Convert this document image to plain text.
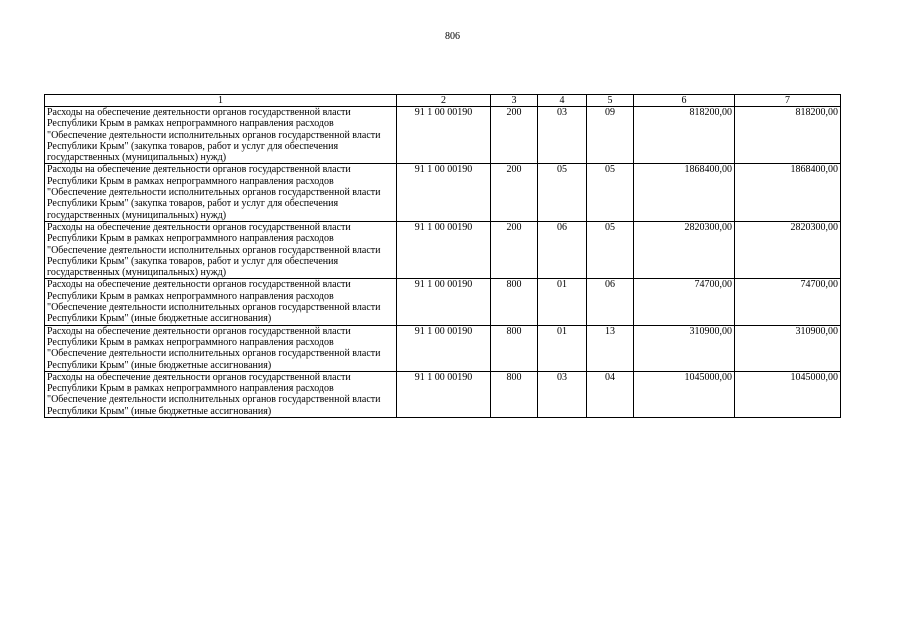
806
1	2	3	4	5	6	7
Расходы на обеспечение деятельности органов государственной власти Республики Крым в рамках непрограммного направления расходов "Обеспечение деятельности исполнительных органов государственной власти Республики Крым" (закупка товаров, работ и услуг для обеспечения государственных (муниципальных) нужд)	91 1 00 00190	200	03	09	818200,00	818200,00
Расходы на обеспечение деятельности органов государственной власти Республики Крым в рамках непрограммного направления расходов "Обеспечение деятельности исполнительных органов государственной власти Республики Крым" (закупка товаров, работ и услуг для обеспечения государственных (муниципальных) нужд)	91 1 00 00190	200	05	05	1868400,00	1868400,00
Расходы на обеспечение деятельности органов государственной власти Республики Крым в рамках непрограммного направления расходов "Обеспечение деятельности исполнительных органов государственной власти Республики Крым" (закупка товаров, работ и услуг для обеспечения государственных (муниципальных) нужд)	91 1 00 00190	200	06	05	2820300,00	2820300,00
Расходы на обеспечение деятельности органов государственной власти Республики Крым в рамках непрограммного направления расходов "Обеспечение деятельности исполнительных органов государственной власти Республики Крым" (иные бюджетные ассигнования)	91 1 00 00190	800	01	06	74700,00	74700,00
Расходы на обеспечение деятельности органов государственной власти Республики Крым в рамках непрограммного направления расходов "Обеспечение деятельности исполнительных органов государственной власти Республики Крым" (иные бюджетные ассигнования)	91 1 00 00190	800	01	13	310900,00	310900,00
Расходы на обеспечение деятельности органов государственной власти Республики Крым в рамках непрограммного направления расходов "Обеспечение деятельности исполнительных органов государственной власти Республики Крым" (иные бюджетные ассигнования)	91 1 00 00190	800	03	04	1045000,00	1045000,00
